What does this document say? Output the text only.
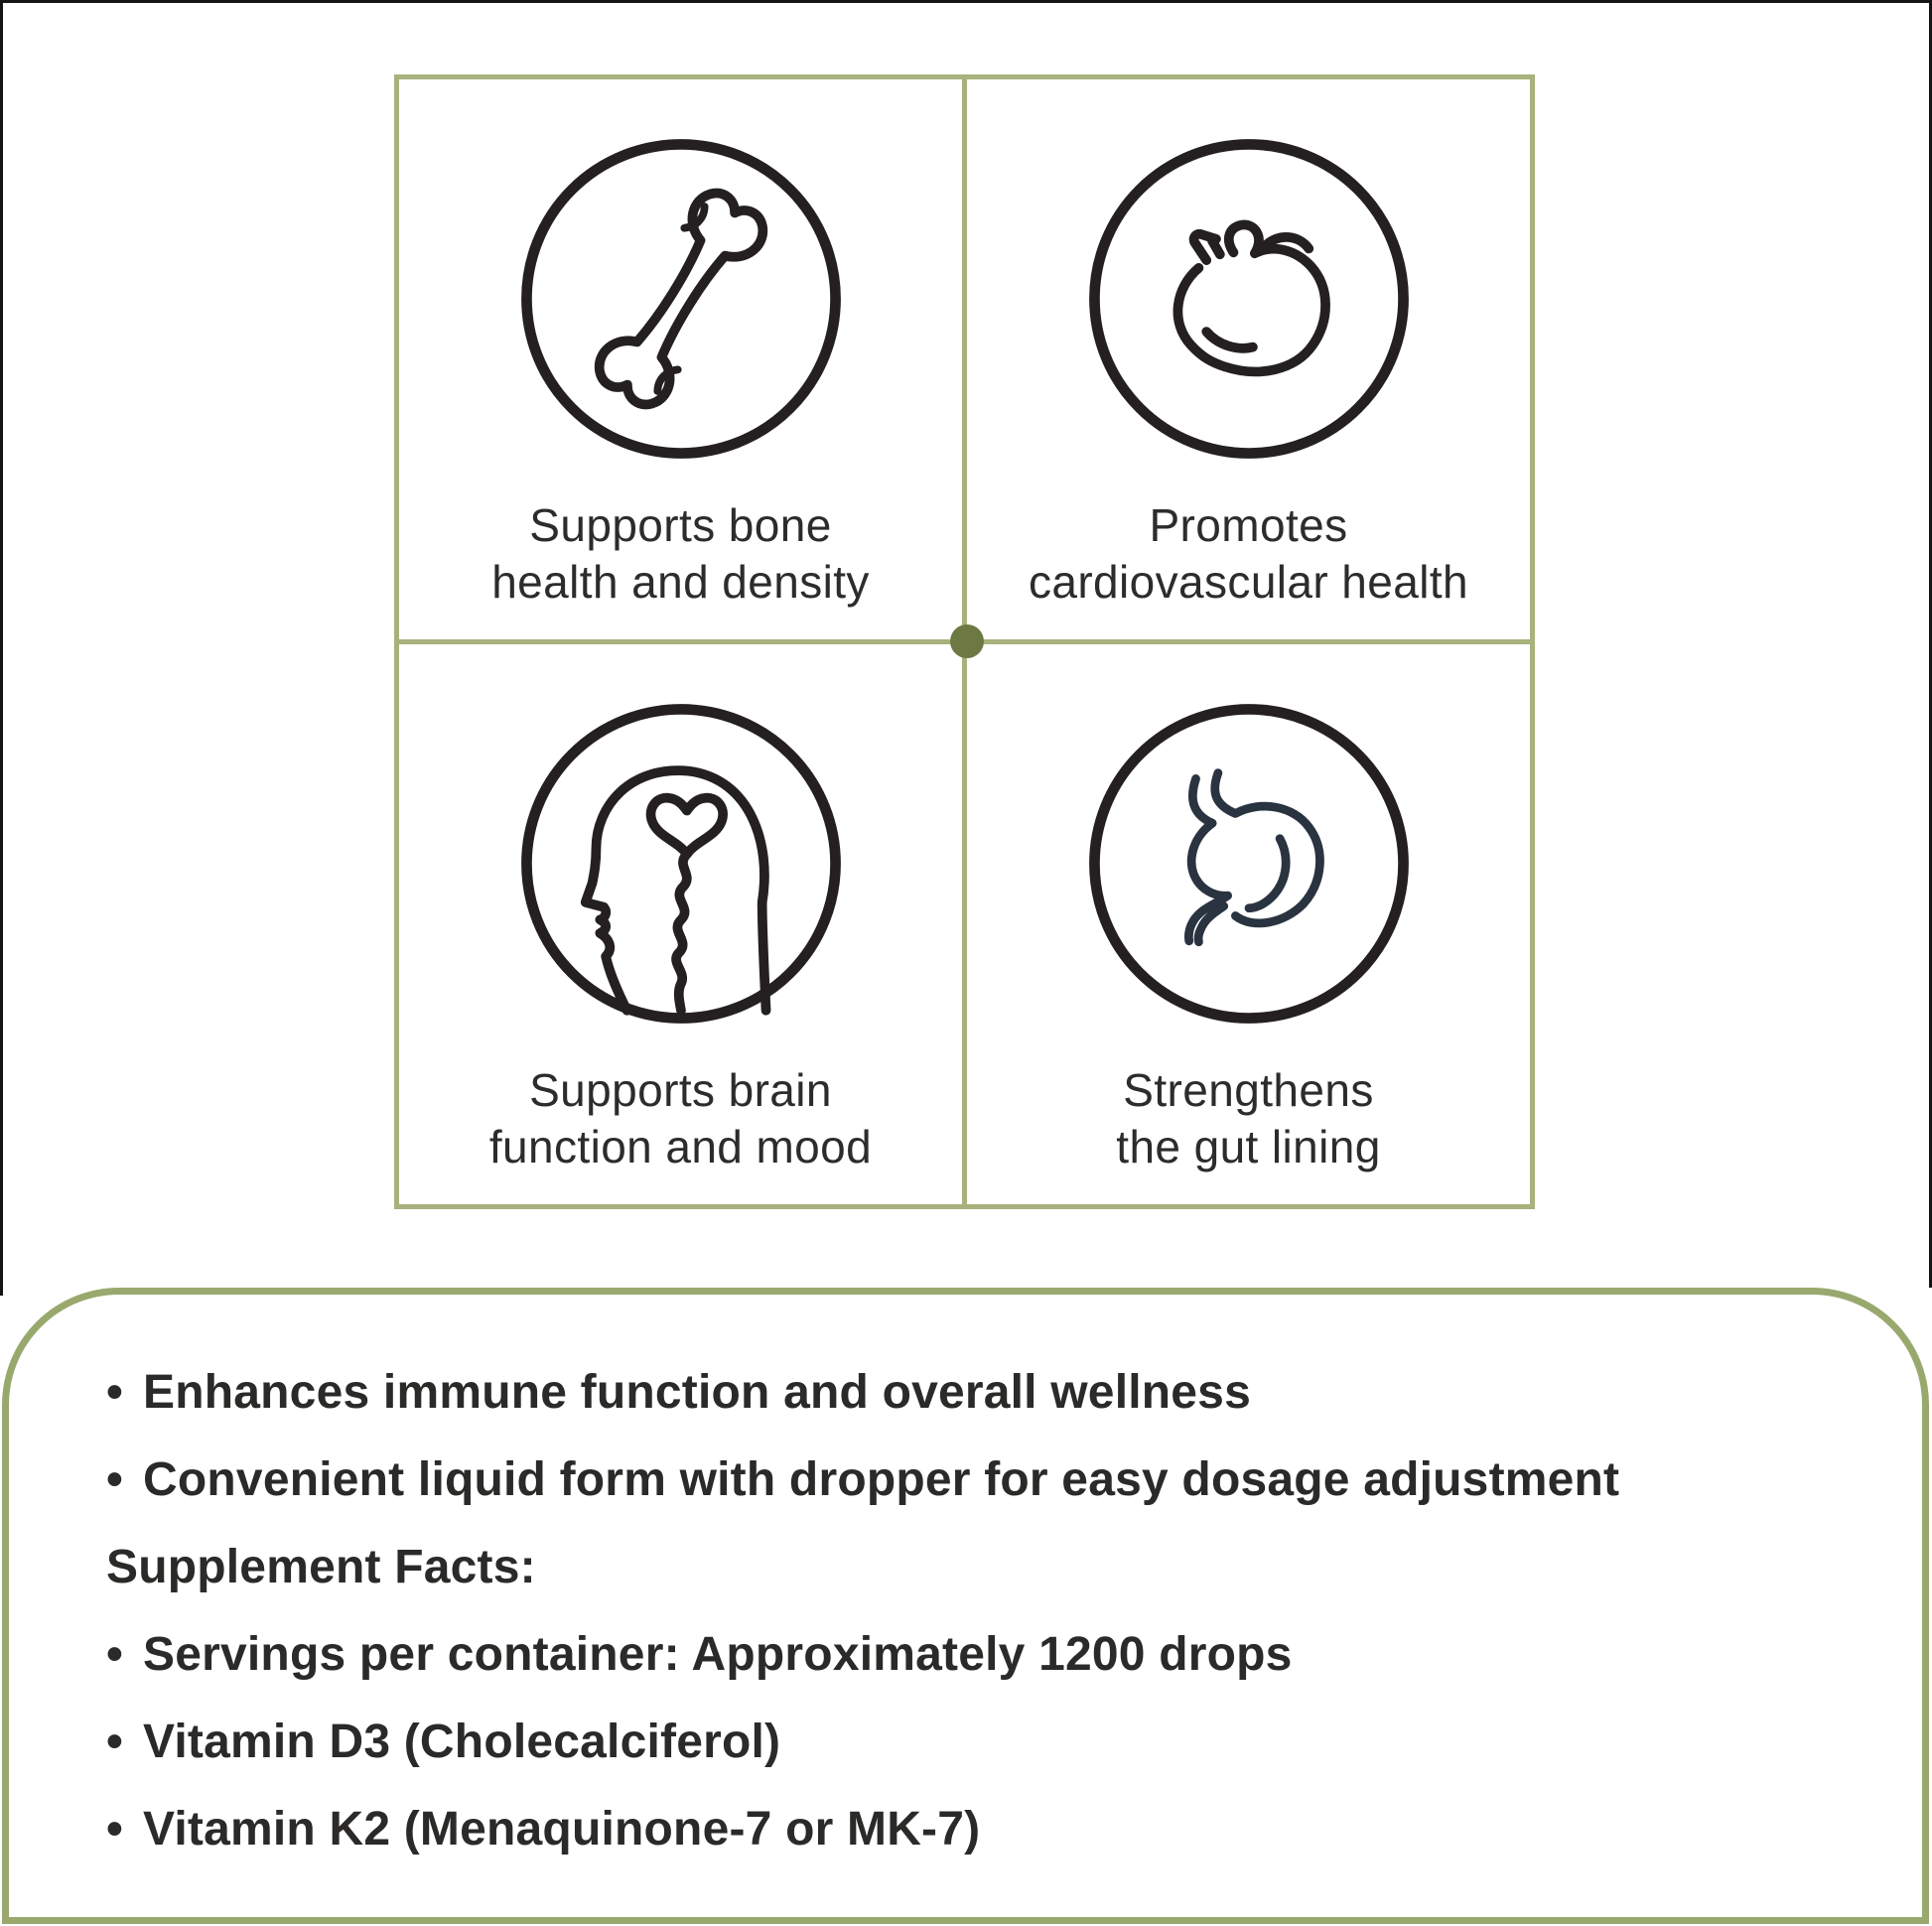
Supports bone
health and density
Promotes
cardiovascular health
Supports brain
function and mood
Strengthens
the gut lining
• Enhances immune function and overall wellness
• Convenient liquid form with dropper for easy dosage adjustment
Supplement Facts:
• Servings per container: Approximately 1200 drops
• Vitamin D3 (Cholecalciferol)
• Vitamin K2 (Menaquinone-7 or MK-7)
